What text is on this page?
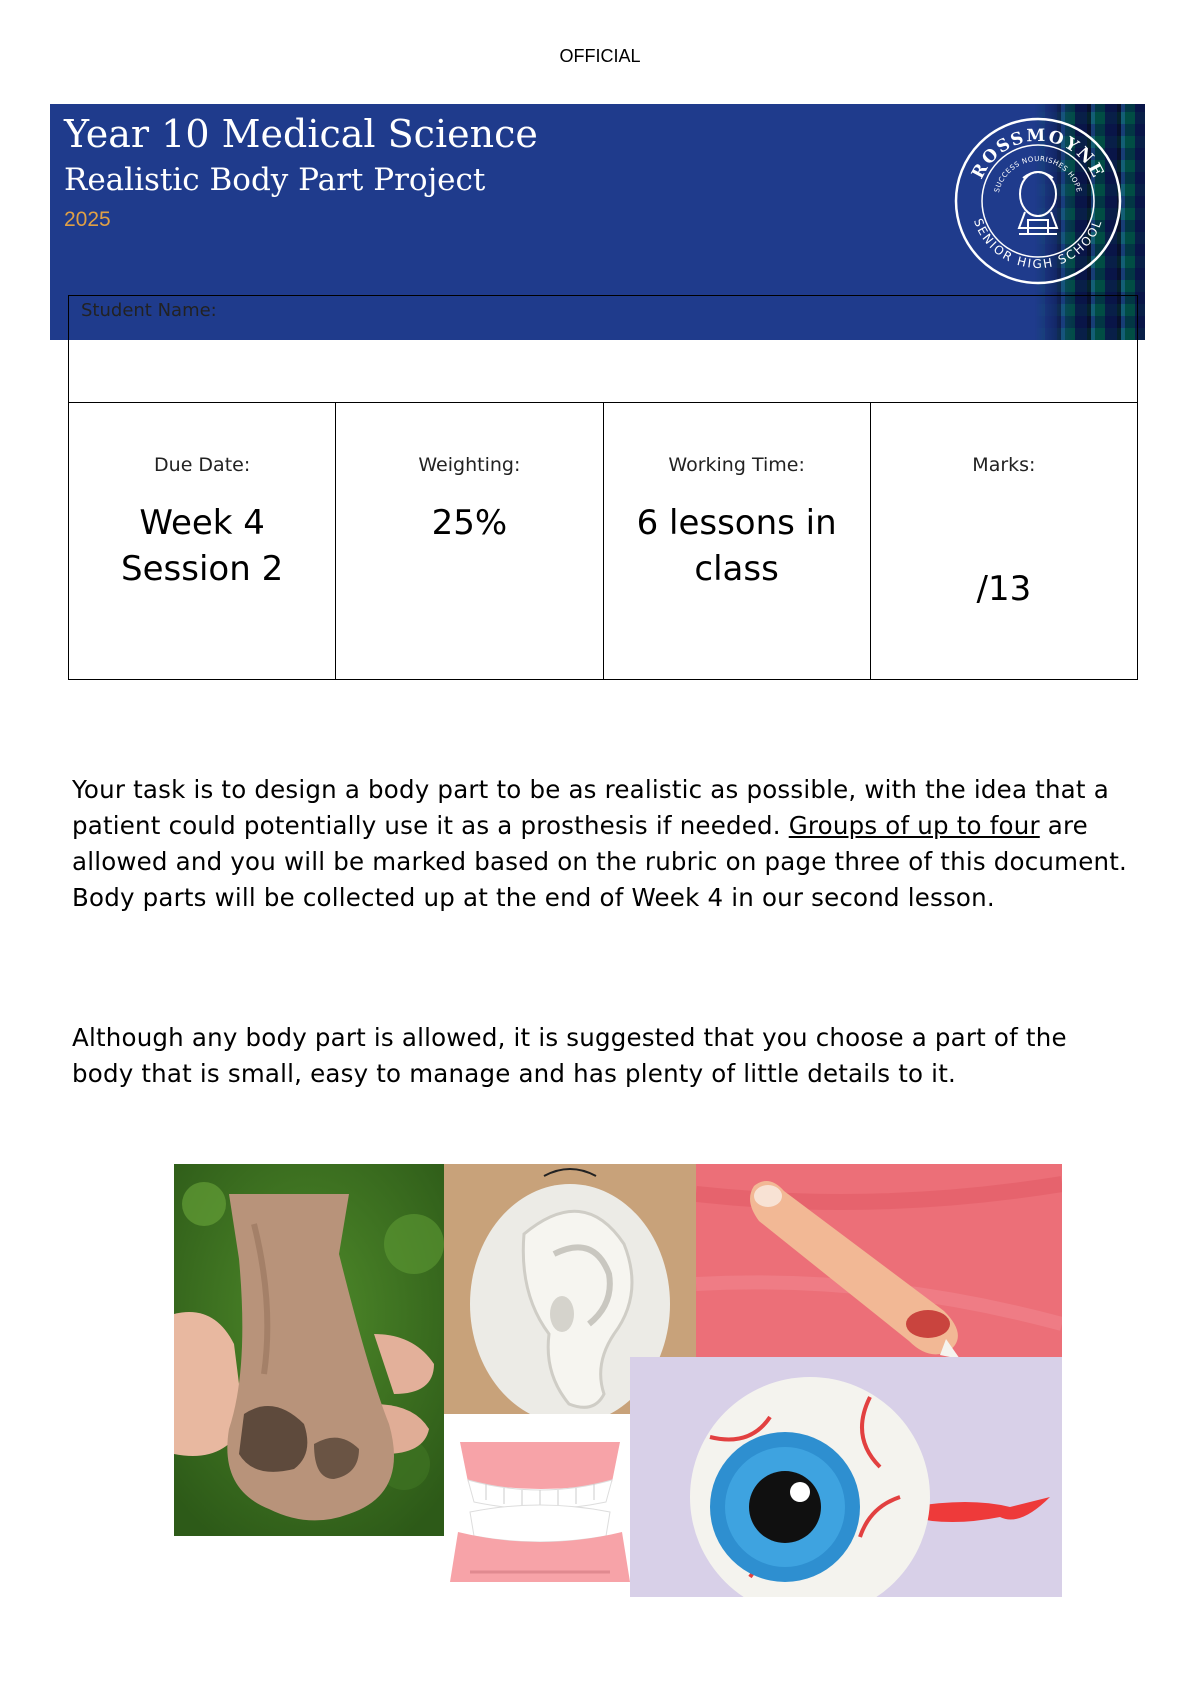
OFFICIAL
Year 10 Medical Science
Realistic Body Part Project
2025
ROSSMOYNE
SUCCESS NOURISHES HOPE
SENIOR HIGH SCHOOL
Student Name:
Due Date:
Week 4
Session 2
Weighting:
25%
Working Time:
6 lessons in
class
Marks:
/13
Your task is to design a body part to be as realistic as possible, with the idea that a patient could potentially use it as a prosthesis if needed. Groups of up to four are allowed and you will be marked based on the rubric on page three of this document. Body parts will be collected up at the end of Week 4 in our second lesson.
Although any body part is allowed, it is suggested that you choose a part of the body that is small, easy to manage and has plenty of little details to it.
